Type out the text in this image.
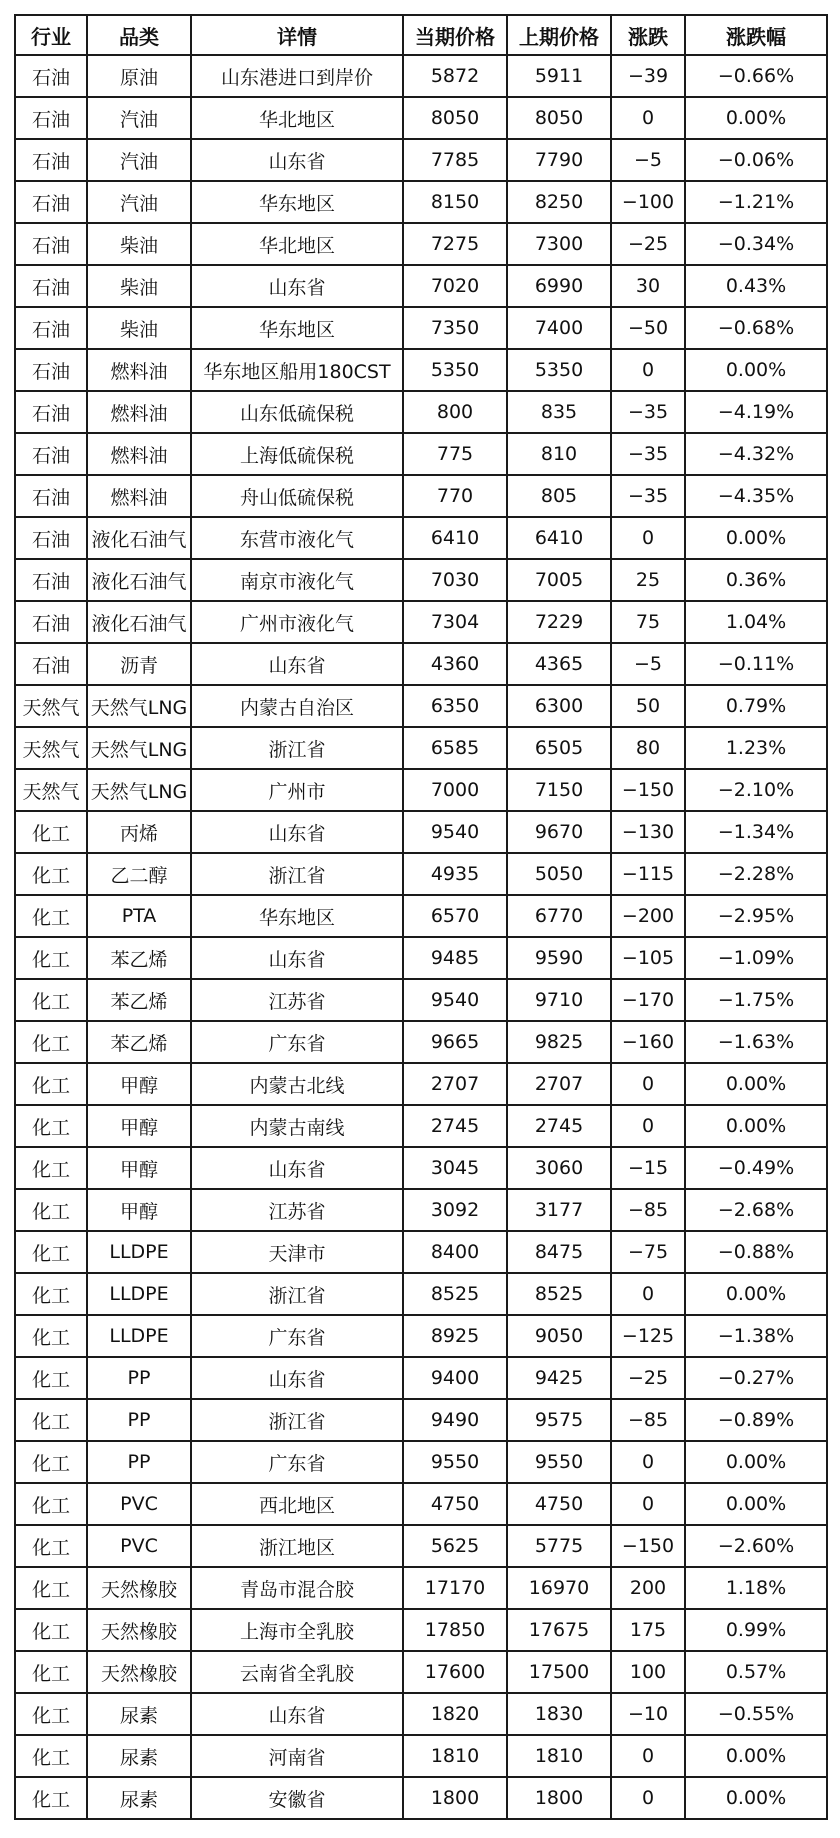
行业	品类	详情	当期价格	上期价格	涨跌	涨跌幅
石油	原油	山东港进口到岸价	5872	5911	−39	−0.66%
石油	汽油	华北地区	8050	8050	0	0.00%
石油	汽油	山东省	7785	7790	−5	−0.06%
石油	汽油	华东地区	8150	8250	−100	−1.21%
石油	柴油	华北地区	7275	7300	−25	−0.34%
石油	柴油	山东省	7020	6990	30	0.43%
石油	柴油	华东地区	7350	7400	−50	−0.68%
石油	燃料油	华东地区船用180CST	5350	5350	0	0.00%
石油	燃料油	山东低硫保税	800	835	−35	−4.19%
石油	燃料油	上海低硫保税	775	810	−35	−4.32%
石油	燃料油	舟山低硫保税	770	805	−35	−4.35%
石油	液化石油气	东营市液化气	6410	6410	0	0.00%
石油	液化石油气	南京市液化气	7030	7005	25	0.36%
石油	液化石油气	广州市液化气	7304	7229	75	1.04%
石油	沥青	山东省	4360	4365	−5	−0.11%
天然气	天然气LNG	内蒙古自治区	6350	6300	50	0.79%
天然气	天然气LNG	浙江省	6585	6505	80	1.23%
天然气	天然气LNG	广州市	7000	7150	−150	−2.10%
化工	丙烯	山东省	9540	9670	−130	−1.34%
化工	乙二醇	浙江省	4935	5050	−115	−2.28%
化工	PTA	华东地区	6570	6770	−200	−2.95%
化工	苯乙烯	山东省	9485	9590	−105	−1.09%
化工	苯乙烯	江苏省	9540	9710	−170	−1.75%
化工	苯乙烯	广东省	9665	9825	−160	−1.63%
化工	甲醇	内蒙古北线	2707	2707	0	0.00%
化工	甲醇	内蒙古南线	2745	2745	0	0.00%
化工	甲醇	山东省	3045	3060	−15	−0.49%
化工	甲醇	江苏省	3092	3177	−85	−2.68%
化工	LLDPE	天津市	8400	8475	−75	−0.88%
化工	LLDPE	浙江省	8525	8525	0	0.00%
化工	LLDPE	广东省	8925	9050	−125	−1.38%
化工	PP	山东省	9400	9425	−25	−0.27%
化工	PP	浙江省	9490	9575	−85	−0.89%
化工	PP	广东省	9550	9550	0	0.00%
化工	PVC	西北地区	4750	4750	0	0.00%
化工	PVC	浙江地区	5625	5775	−150	−2.60%
化工	天然橡胶	青岛市混合胶	17170	16970	200	1.18%
化工	天然橡胶	上海市全乳胶	17850	17675	175	0.99%
化工	天然橡胶	云南省全乳胶	17600	17500	100	0.57%
化工	尿素	山东省	1820	1830	−10	−0.55%
化工	尿素	河南省	1810	1810	0	0.00%
化工	尿素	安徽省	1800	1800	0	0.00%
